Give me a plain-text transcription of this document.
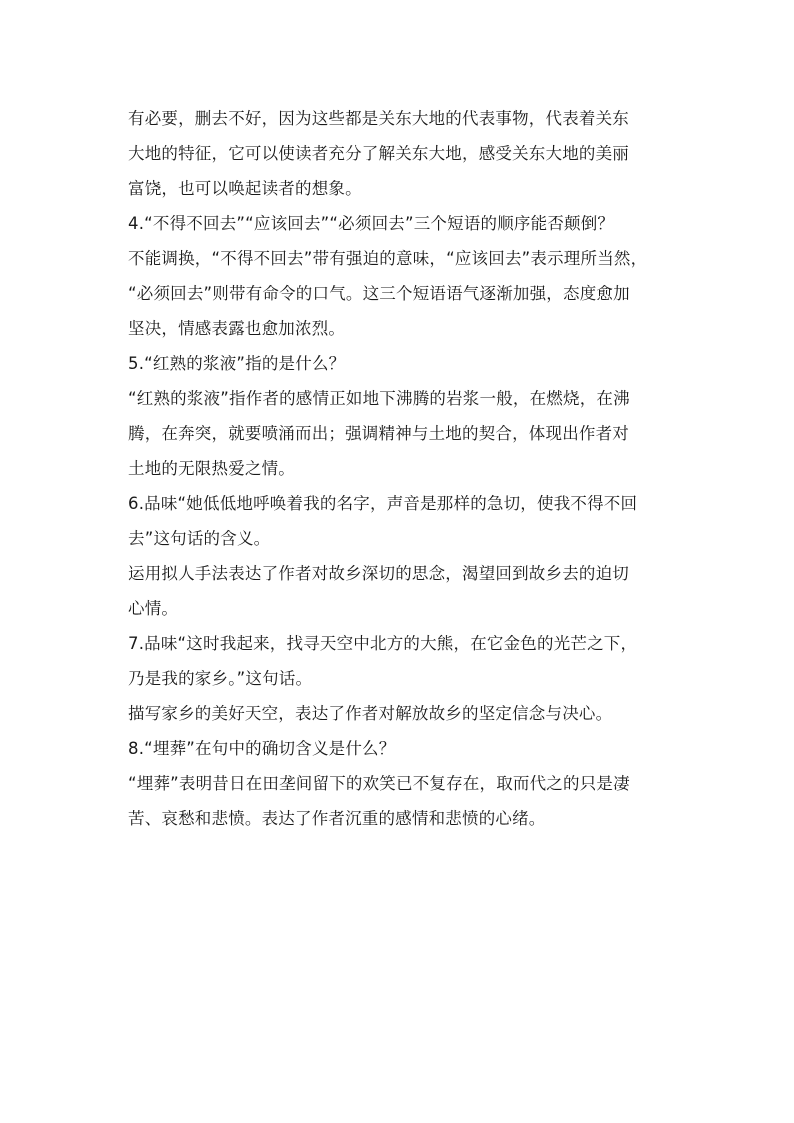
有必要，删去不好，因为这些都是关东大地的代表事物，代表着关东
大地的特征，它可以使读者充分了解关东大地，感受关东大地的美丽
富饶，也可以唤起读者的想象。
4.“不得不回去”“应该回去”“必须回去”三个短语的顺序能否颠倒？
不能调换，“不得不回去”带有强迫的意味，“应该回去”表示理所当然，
“必须回去”则带有命令的口气。这三个短语语气逐渐加强，态度愈加
坚决，情感表露也愈加浓烈。
5.“红熟的浆液”指的是什么？
“红熟的浆液”指作者的感情正如地下沸腾的岩浆一般，在燃烧，在沸
腾，在奔突，就要喷涌而出；强调精神与土地的契合，体现出作者对
土地的无限热爱之情。
6.品味“她低低地呼唤着我的名字，声音是那样的急切，使我不得不回
去”这句话的含义。
运用拟人手法表达了作者对故乡深切的思念，渴望回到故乡去的迫切
心情。
7.品味“这时我起来，找寻天空中北方的大熊，在它金色的光芒之下，
乃是我的家乡。”这句话。
描写家乡的美好天空，表达了作者对解放故乡的坚定信念与决心。
8.“埋葬”在句中的确切含义是什么？
“埋葬”表明昔日在田垄间留下的欢笑已不复存在，取而代之的只是凄
苦、哀愁和悲愤。表达了作者沉重的感情和悲愤的心绪。
